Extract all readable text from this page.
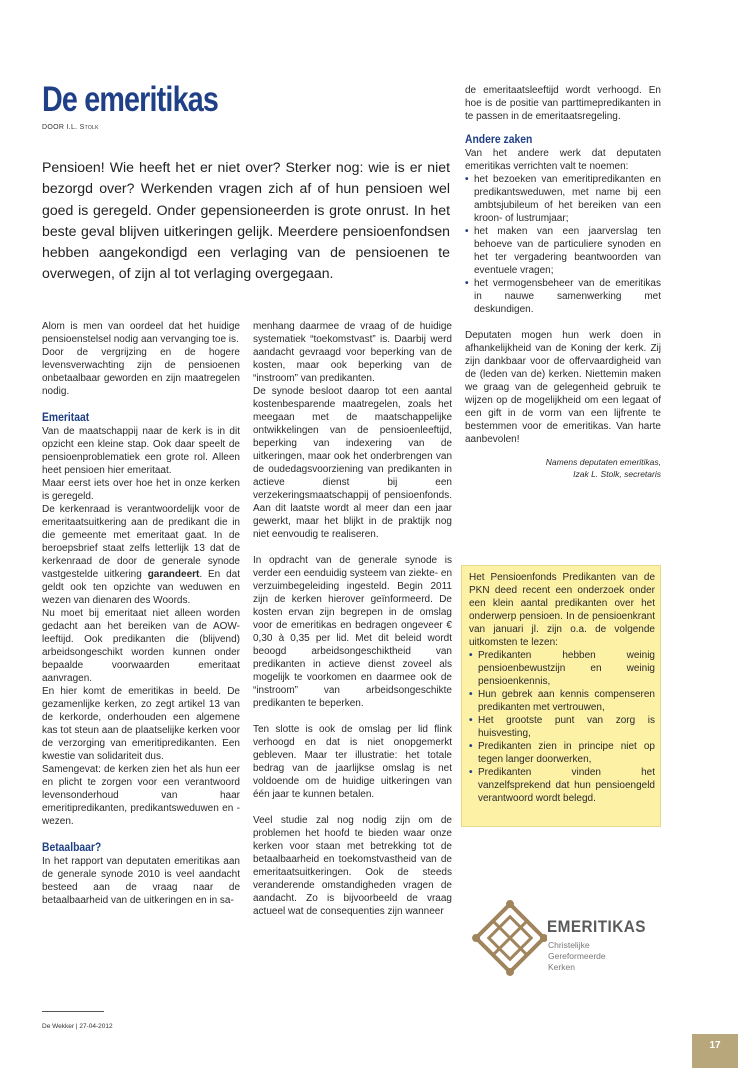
De emeritikas
DOOR I.L. Stolk

Pensioen! Wie heeft het er niet over? Sterker nog: wie is er niet bezorgd over? Werkenden vragen zich af of hun pensioen wel goed is geregeld. Onder gepensioneerden is grote onrust. In het beste geval blijven uitkeringen gelijk. Meerdere pensioenfondsen hebben aangekondigd een verlaging van de pensioenen te overwegen, of zijn al tot verlaging overgegaan.

Alom is men van oordeel dat het huidige pensioenstelsel nodig aan vervanging toe is.

Door de vergrijzing en de hogere levensverwachting zijn de pensioenen onbetaalbaar geworden en zijn maatregelen nodig.

Emeritaat

Van de maatschappij naar de kerk is in dit opzicht een kleine stap. Ook daar speelt de pensioenproblematiek een grote rol. Alleen heet pensioen hier emeritaat.

Maar eerst iets over hoe het in onze kerken is geregeld.

De kerkenraad is verantwoordelijk voor de emeritaatsuitkering aan de predikant die in die gemeente met emeritaat gaat. In de beroepsbrief staat zelfs letterlijk 13 dat de kerkenraad de door de generale synode vastgestelde uitkering garandeert. En dat geldt ook ten opzichte van weduwen en wezen van dienaren des Woords.

Nu moet bij emeritaat niet alleen worden gedacht aan het bereiken van de AOW-leeftijd. Ook predikanten die (blijvend) arbeidsongeschikt worden kunnen onder bepaalde voorwaarden emeritaat aanvragen.

En hier komt de emeritikas in beeld. De gezamenlijke kerken, zo zegt artikel 13 van de kerkorde, onderhouden een algemene kas tot steun aan de plaatselijke kerken voor de verzorging van emeritipredikanten. Een kwestie van solidariteit dus.

Samengevat: de kerken zien het als hun eer en plicht te zorgen voor een verantwoord levensonderhoud van haar emeritipredikanten, predikantsweduwen en -wezen.

Betaalbaar?

In het rapport van deputaten emeritikas aan de generale synode 2010 is veel aandacht besteed aan de vraag naar de betaalbaarheid van de uitkeringen en in sa-

menhang daarmee de vraag of de huidige systematiek “toekomstvast” is. Daarbij werd aandacht gevraagd voor beperking van de kosten, maar ook beperking van de “instroom” van predikanten.

De synode besloot daarop tot een aantal kostenbesparende maatregelen, zoals het meegaan met de maatschappelijke ontwikkelingen van de pensioenleeftijd, beperking van indexering van de uitkeringen, maar ook het onderbrengen van de oudedagsvoorziening van predikanten in actieve dienst bij een verzekeringsmaatschappij of pensioenfonds. Aan dit laatste wordt al meer dan een jaar gewerkt, maar het blijkt in de praktijk nog niet eenvoudig te realiseren.

In opdracht van de generale synode is verder een eenduidig systeem van ziekte- en verzuimbegeleiding ingesteld. Begin 2011 zijn de kerken hierover geïnformeerd. De kosten ervan zijn begrepen in de omslag voor de emeritikas en bedragen ongeveer € 0,30 à 0,35 per lid. Met dit beleid wordt beoogd arbeidsongeschiktheid van predikanten in actieve dienst zoveel als mogelijk te voorkomen en daarmee ook de “instroom” van arbeidsongeschikte predikanten te beperken.

Ten slotte is ook de omslag per lid flink verhoogd en dat is niet onopgemerkt gebleven. Maar ter illustratie: het totale bedrag van de jaarlijkse omslag is net voldoende om de huidige uitkeringen van één jaar te kunnen betalen.

Veel studie zal nog nodig zijn om de problemen het hoofd te bieden waar onze kerken voor staan met betrekking tot de betaalbaarheid en toekomstvastheid van de emeritaatsuitkeringen. Ook de steeds veranderende omstandigheden vragen de aandacht. Zo is bijvoorbeeld de vraag actueel wat de consequenties zijn wanneer

de emeritaatsleeftijd wordt verhoogd. En hoe is de positie van parttimepredikanten in te passen in de emeritaatsregeling.

Andere zaken

Van het andere werk dat deputaten emeritikas verrichten valt te noemen:

• het bezoeken van emeritipredikanten en predikantsweduwen, met name bij een ambtsjubileum of het bereiken van een kroon- of lustrumjaar;
• het maken van een jaarverslag ten behoeve van de particuliere synoden en het ter vergadering beantwoorden van eventuele vragen;
• het vermogensbeheer van de emeritikas in nauwe samenwerking met deskundigen.

Deputaten mogen hun werk doen in afhankelijkheid van de Koning der kerk. Zij zijn dankbaar voor de offervaardigheid van de (leden van de) kerken. Niettemin maken we graag van de gelegenheid gebruik te wijzen op de mogelijkheid om een legaat of een gift in de vorm van een lijfrente te bestemmen voor de emeritikas. Van harte aanbevolen!

Namens deputaten emeritikas,

Izak L. Stolk, secretaris

Het Pensioenfonds Predikanten van de PKN deed recent een onderzoek onder een klein aantal predikanten over het onderwerp pensioen. In de pensioenkrant van januari jl. zijn o.a. de volgende uitkomsten te lezen:

• Predikanten hebben weinig pensioenbewustzijn en weinig pensioenkennis,
• Hun gebrek aan kennis compenseren predikanten met vertrouwen,
• Het grootste punt van zorg is huisvesting,
• Predikanten zien in principe niet op tegen langer doorwerken,
• Predikanten vinden het vanzelfsprekend dat hun pensioengeld verantwoord wordt belegd.
EMERITIKAS
Christelijke
Gereformeerde
Kerken
De Wekker | 27-04-2012
17
